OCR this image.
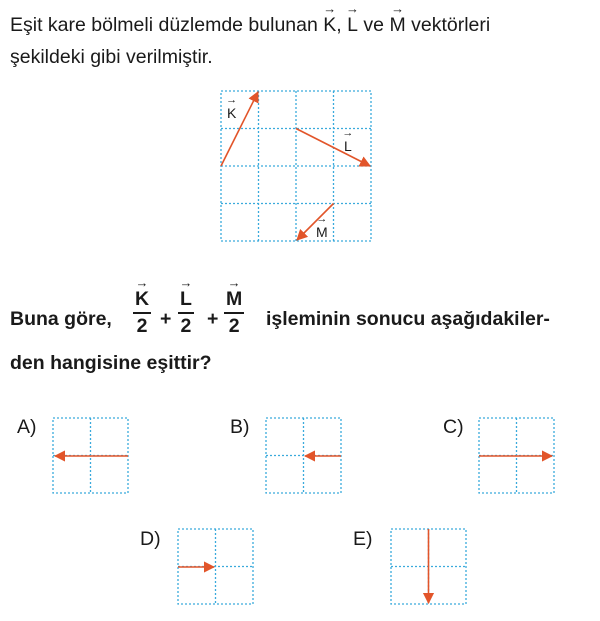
Eşit kare bölmeli düzlemde bulunan → K, → L ve → M vektörleri
şekildeki gibi verilmiştir.
→ K
→ L
→ M
Buna göre,
→ K
2 +
→ L
2 +
→ M
2 işleminin sonucu aşağıdakiler-
den hangisine eşittir?
A)	B)	C)
D)	E)
